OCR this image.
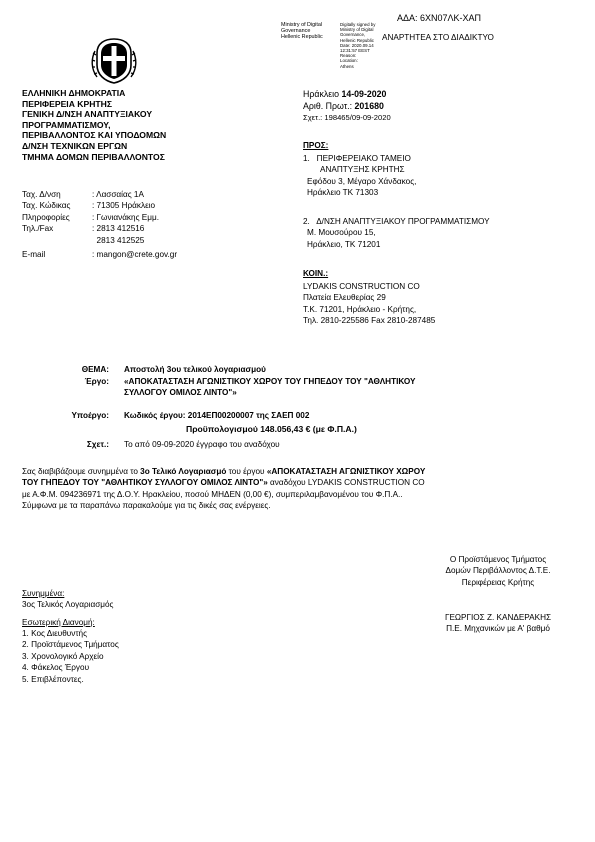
ΑΔΑ: 6ΧΝ07ΛΚ-ΧΑΠ
Ministry of Digital
Governance
Hellenic Republic
Digitally signed by
Ministry of Digital
Governance,
Hellenic Republic
Date: 2020.09.14
12:31:57 EEST
Reason:
Location:
Athens
ΑΝΑΡΤΗΤΕΑ ΣΤΟ ΔΙΑΔΙΚΤΥΟ
ΕΛΛΗΝΙΚΗ ΔΗΜΟΚΡΑΤΙΑ
ΠΕΡΙΦΕΡΕΙΑ ΚΡΗΤΗΣ
ΓΕΝΙΚΗ Δ/ΝΣΗ ΑΝΑΠΤΥΞΙΑΚΟΥ
ΠΡΟΓΡΑΜΜΑΤΙΣΜΟΥ,
ΠΕΡΙΒΑΛΛΟΝΤΟΣ ΚΑΙ ΥΠΟΔΟΜΩΝ
Δ/ΝΣΗ ΤΕΧΝΙΚΩΝ ΕΡΓΩΝ
ΤΜΗΜΑ ΔΟΜΩΝ ΠΕΡΙΒΑΛΛΟΝΤΟΣ
Ταχ. Δ/νση	: Λασσαίας 1Α
Ταχ. Κώδικας	: 71305 Ηράκλειο
Πληροφορίες	: Γωνιανάκης Εμμ.
Τηλ./Fax	: 2813 412516
2813 412525
E-mail	: mangon@crete.gov.gr
Ηράκλειο 14-09-2020
Αριθ. Πρωτ.: 201680
Σχετ.: 198465/09-09-2020
ΠΡΟΣ:
1.   ΠΕΡΙΦΕΡΕΙΑΚΟ ΤΑΜΕΙΟ
ΑΝΑΠΤΥΞΗΣ ΚΡΗΤΗΣ
Εφόδου 3, Μέγαρο Χάνδακος,
Ηράκλειο ΤΚ 71303
2.   Δ/ΝΣΗ ΑΝΑΠΤΥΞΙΑΚΟΥ ΠΡΟΓΡΑΜΜΑΤΙΣΜΟΥ
Μ. Μουσούρου 15,
Ηράκλειο, ΤΚ 71201
ΚΟΙΝ.:
LYDAKIS CONSTRUCTION CO
Πλατεία Ελευθερίας 29
Τ.Κ. 71201, Ηράκλειο - Κρήτης,
Τηλ. 2810-225586 Fax 2810-287485
ΘΕΜΑ: Αποστολή 3ου τελικού λογαριασμού
Έργο: «ΑΠΟΚΑΤΑΣΤΑΣΗ ΑΓΩΝΙΣΤΙΚΟΥ ΧΩΡΟΥ ΤΟΥ ΓΗΠΕΔΟΥ ΤΟΥ "ΑΘΛΗΤΙΚΟΥ
ΣΥΛΛΟΓΟΥ ΟΜΙΛΟΣ ΛΙΝΤΟ"»
Υποέργο: Κωδικός έργου: 2014ΕΠ00200007 της ΣΑΕΠ 002
Προϋπολογισμού 148.056,43 € (με Φ.Π.Α.)
Σχετ.: Το από 09-09-2020 έγγραφο του αναδόχου
Σας διαβιβάζουμε συνημμένα το 3ο Τελικό Λογαριασμό του έργου «ΑΠΟΚΑΤΑΣΤΑΣΗ ΑΓΩΝΙΣΤΙΚΟΥ ΧΩΡΟΥ
ΤΟΥ ΓΗΠΕΔΟΥ ΤΟΥ "ΑΘΛΗΤΙΚΟΥ ΣΥΛΛΟΓΟΥ ΟΜΙΛΟΣ ΛΙΝΤΟ"» αναδόχου LYDAKIS CONSTRUCTION CO
με Α.Φ.Μ. 094236971 της Δ.Ο.Υ. Ηρακλείου, ποσού ΜΗΔΕΝ (0,00 €), συμπεριλαμβανομένου του Φ.Π.Α..
Σύμφωνα με τα παραπάνω παρακαλούμε για τις δικές σας ενέργειες.
Ο Προϊστάμενος Τμήματος
Δομών Περιβάλλοντος Δ.Τ.Ε.
Περιφέρειας Κρήτης
ΓΕΩΡΓΙΟΣ Ζ. ΚΑΝΔΕΡΑΚΗΣ
Π.Ε. Μηχανικών με Α' βαθμό
Συνημμένα:
3ος Τελικός Λογαριασμός
Εσωτερική Διανομή:
1. Κος Διευθυντής
2. Προϊστάμενος Τμήματος
3. Χρονολογικό Αρχείο
4. Φάκελος Έργου
5. Επιβλέποντες.
